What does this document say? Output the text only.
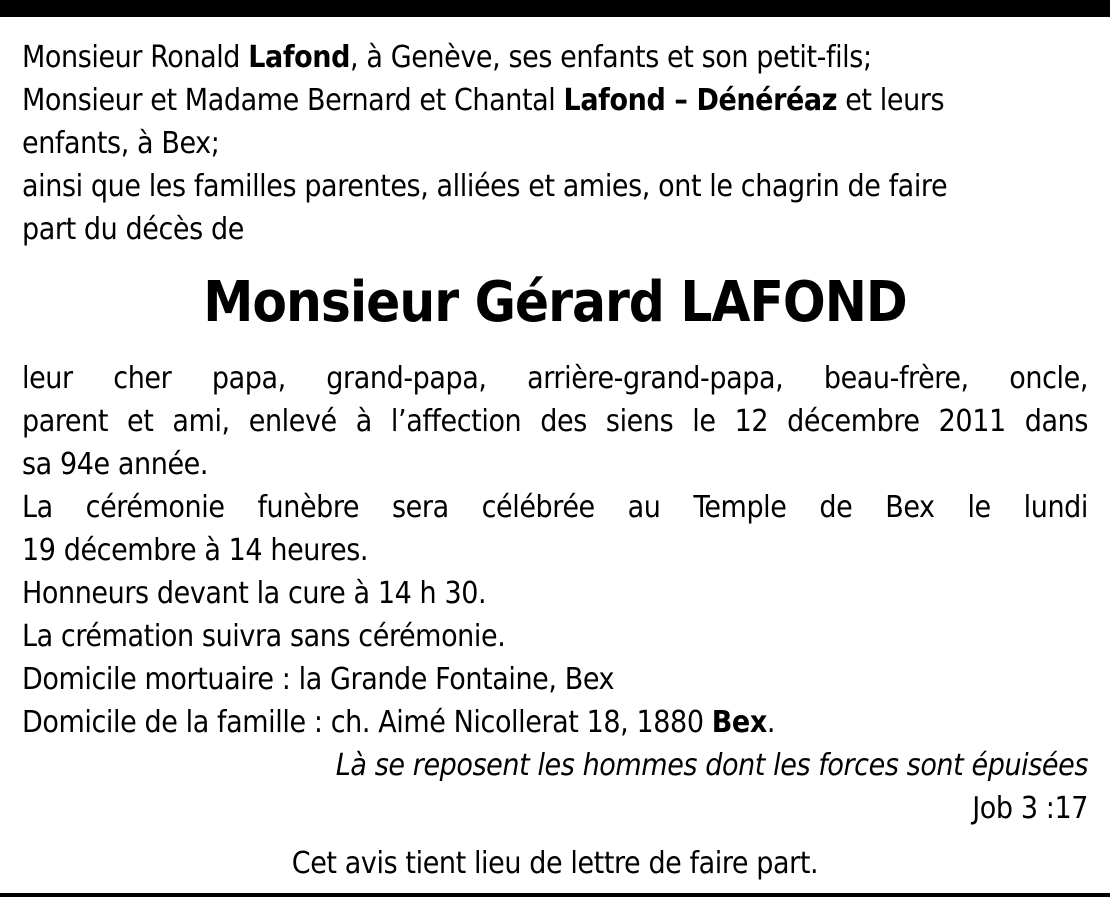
Monsieur Ronald Lafond, à Genève, ses enfants et son petit-fils;
Monsieur et Madame Bernard et Chantal Lafond – Dénéréaz et leurs
enfants, à Bex;
ainsi que les familles parentes, alliées et amies, ont le chagrin de faire
part du décès de
Monsieur Gérard LAFOND
leur cher papa, grand-papa, arrière-grand-papa, beau-frère, oncle,
parent et ami, enlevé à l’affection des siens le 12 décembre 2011 dans
sa 94e année.
La cérémonie funèbre sera célébrée au Temple de Bex le lundi
19 décembre à 14 heures.
Honneurs devant la cure à 14 h 30.
La crémation suivra sans cérémonie.
Domicile mortuaire : la Grande Fontaine, Bex
Domicile de la famille : ch. Aimé Nicollerat 18, 1880 Bex.
Là se reposent les hommes dont les forces sont épuisées
Job 3 :17
Cet avis tient lieu de lettre de faire part.
